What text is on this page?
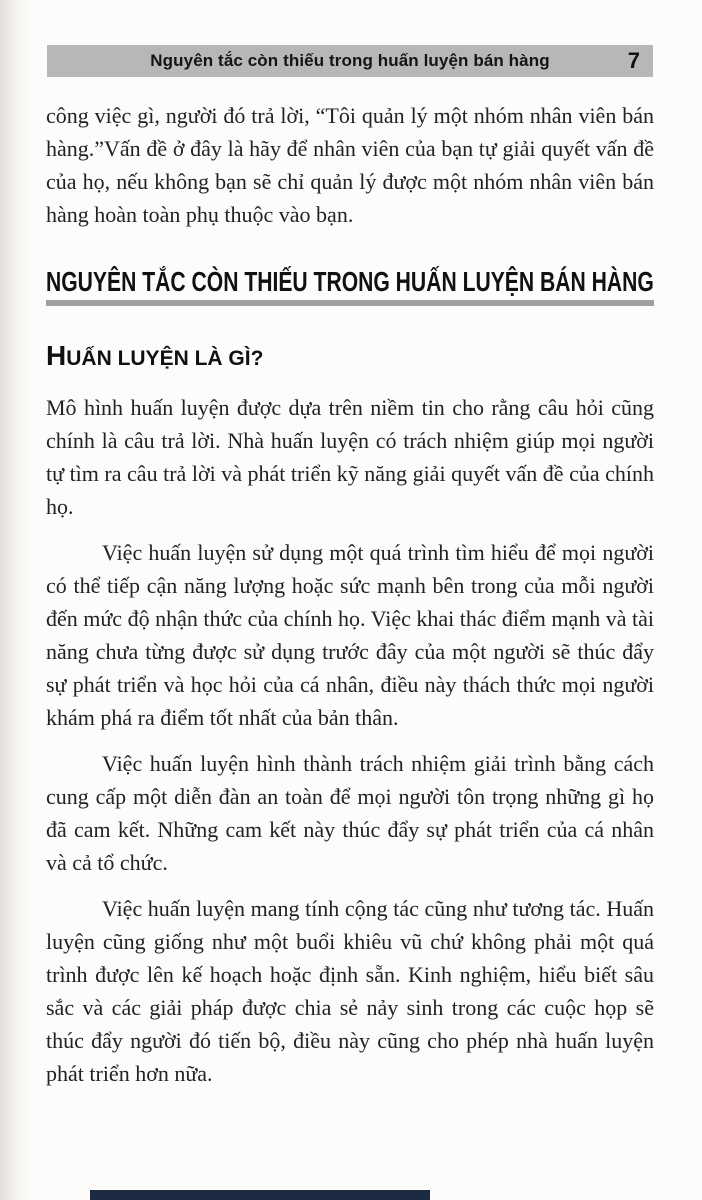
Nguyên tắc còn thiếu trong huấn luyện bán hàng	7

công việc gì, người đó trả lời, “Tôi quản lý một nhóm nhân viên bán hàng.”Vấn đề ở đây là hãy để nhân viên của bạn tự giải quyết vấn đề của họ, nếu không bạn sẽ chỉ quản lý được một nhóm nhân viên bán hàng hoàn toàn phụ thuộc vào bạn.

NGUYÊN TẮC CÒN THIẾU TRONG HUẤN LUYỆN BÁN HÀNG
HUẤN LUYỆN LÀ GÌ?

Mô hình huấn luyện được dựa trên niềm tin cho rằng câu hỏi cũng chính là câu trả lời. Nhà huấn luyện có trách nhiệm giúp mọi người tự tìm ra câu trả lời và phát triển kỹ năng giải quyết vấn đề của chính họ.

Việc huấn luyện sử dụng một quá trình tìm hiểu để mọi người có thể tiếp cận năng lượng hoặc sức mạnh bên trong của mỗi người đến mức độ nhận thức của chính họ. Việc khai thác điểm mạnh và tài năng chưa từng được sử dụng trước đây của một người sẽ thúc đẩy sự phát triển và học hỏi của cá nhân, điều này thách thức mọi người khám phá ra điểm tốt nhất của bản thân.

Việc huấn luyện hình thành trách nhiệm giải trình bằng cách cung cấp một diễn đàn an toàn để mọi người tôn trọng những gì họ đã cam kết. Những cam kết này thúc đẩy sự phát triển của cá nhân và cả tổ chức.

Việc huấn luyện mang tính cộng tác cũng như tương tác. Huấn luyện cũng giống như một buổi khiêu vũ chứ không phải một quá trình được lên kế hoạch hoặc định sẵn. Kinh nghiệm, hiểu biết sâu sắc và các giải pháp được chia sẻ nảy sinh trong các cuộc họp sẽ thúc đẩy người đó tiến bộ, điều này cũng cho phép nhà huấn luyện phát triển hơn nữa.
